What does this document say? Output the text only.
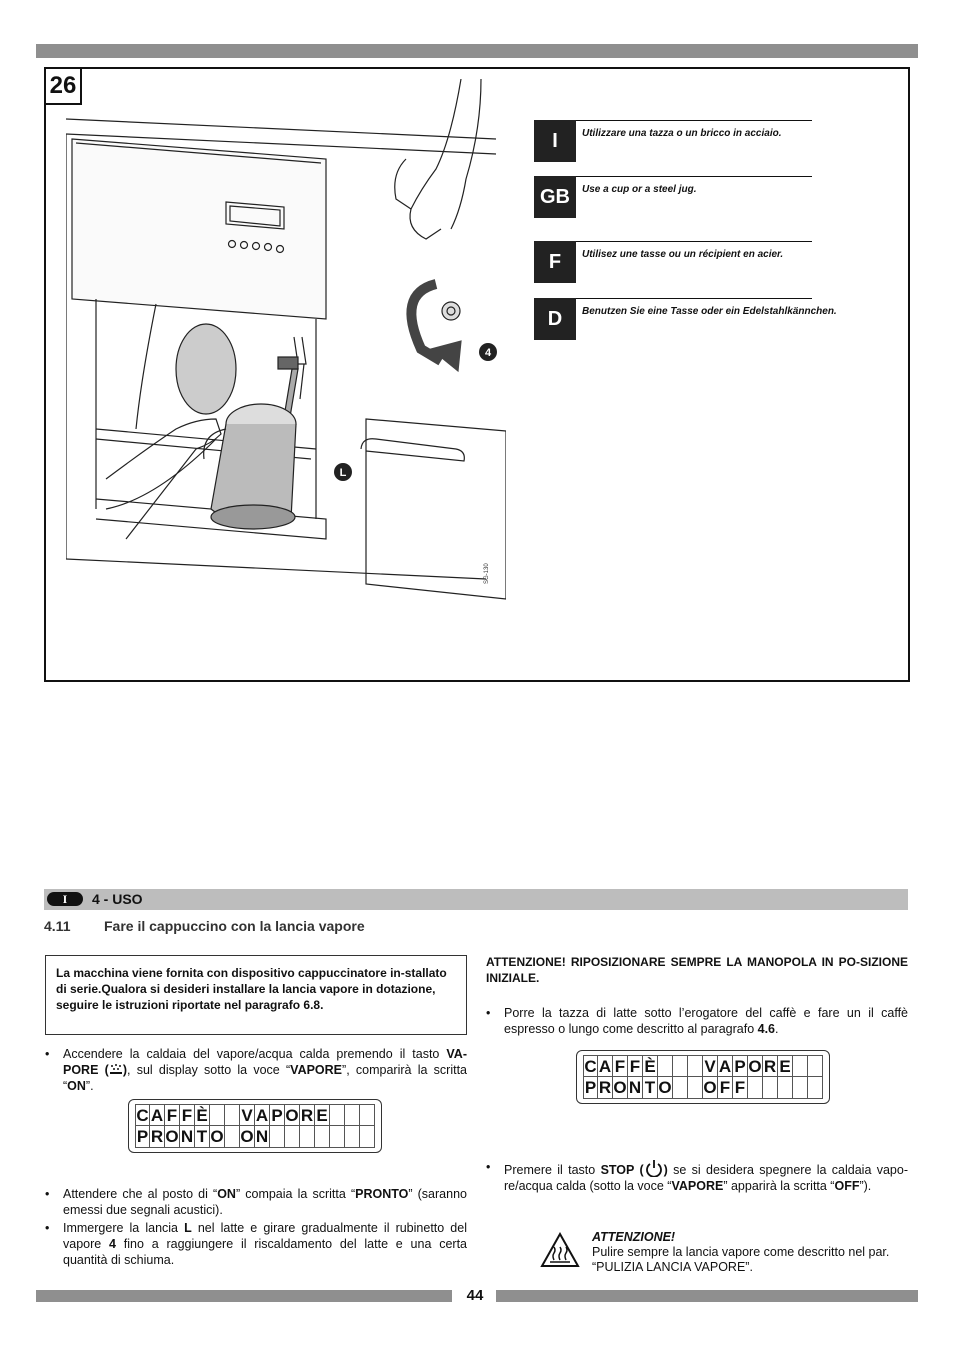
26
4
L
SG-130
I	Utilizzare una tazza o un bricco in acciaio.
GB	Use a cup or a steel jug.
F	Utilisez une tasse ou un récipient en acier.
D	Benutzen Sie eine Tasse oder ein Edelstahlkännchen.
I	4 - USO
4.11 Fare il cappuccino con la lancia vapore

La macchina viene fornita con dispositivo cappuccinatore in-stallato di serie.Qualora si desideri installare la lancia vapore in dotazione, seguire le istruzioni riportate nel paragrafo 6.8.

• Accendere la caldaia del vapore/acqua calda premendo il tasto VA-PORE ( ), sul display sotto la voce “VAPORE”, comparirà la scritta “ON”.
C A F F È V A P O R E
P R O N T O O N
• Attendere che al posto di “ON” compaia la scritta “PRONTO” (saranno emessi due segnali acustici).
• Immergere la lancia L nel latte e girare gradualmente il rubinetto del vapore 4 fino a raggiungere il riscaldamento del latte e una certa quantità di schiuma.
ATTENZIONE! RIPOSIZIONARE SEMPRE LA MANOPOLA IN PO-SIZIONE INIZIALE.
• Porre la tazza di latte sotto l’erogatore del caffè e fare un il caffè espresso o lungo come descritto al paragrafo 4.6.
C A F F È	V A P O R E
P R O N T O O F F
• Premere il tasto STOP ( ) se si desidera spegnere la caldaia vapo-re/acqua calda (sotto la voce “VAPORE” apparirà la scritta “OFF”).
ATTENZIONE!
Pulire sempre la lancia vapore come descritto nel par. “PULIZIA LANCIA VAPORE”.
44
